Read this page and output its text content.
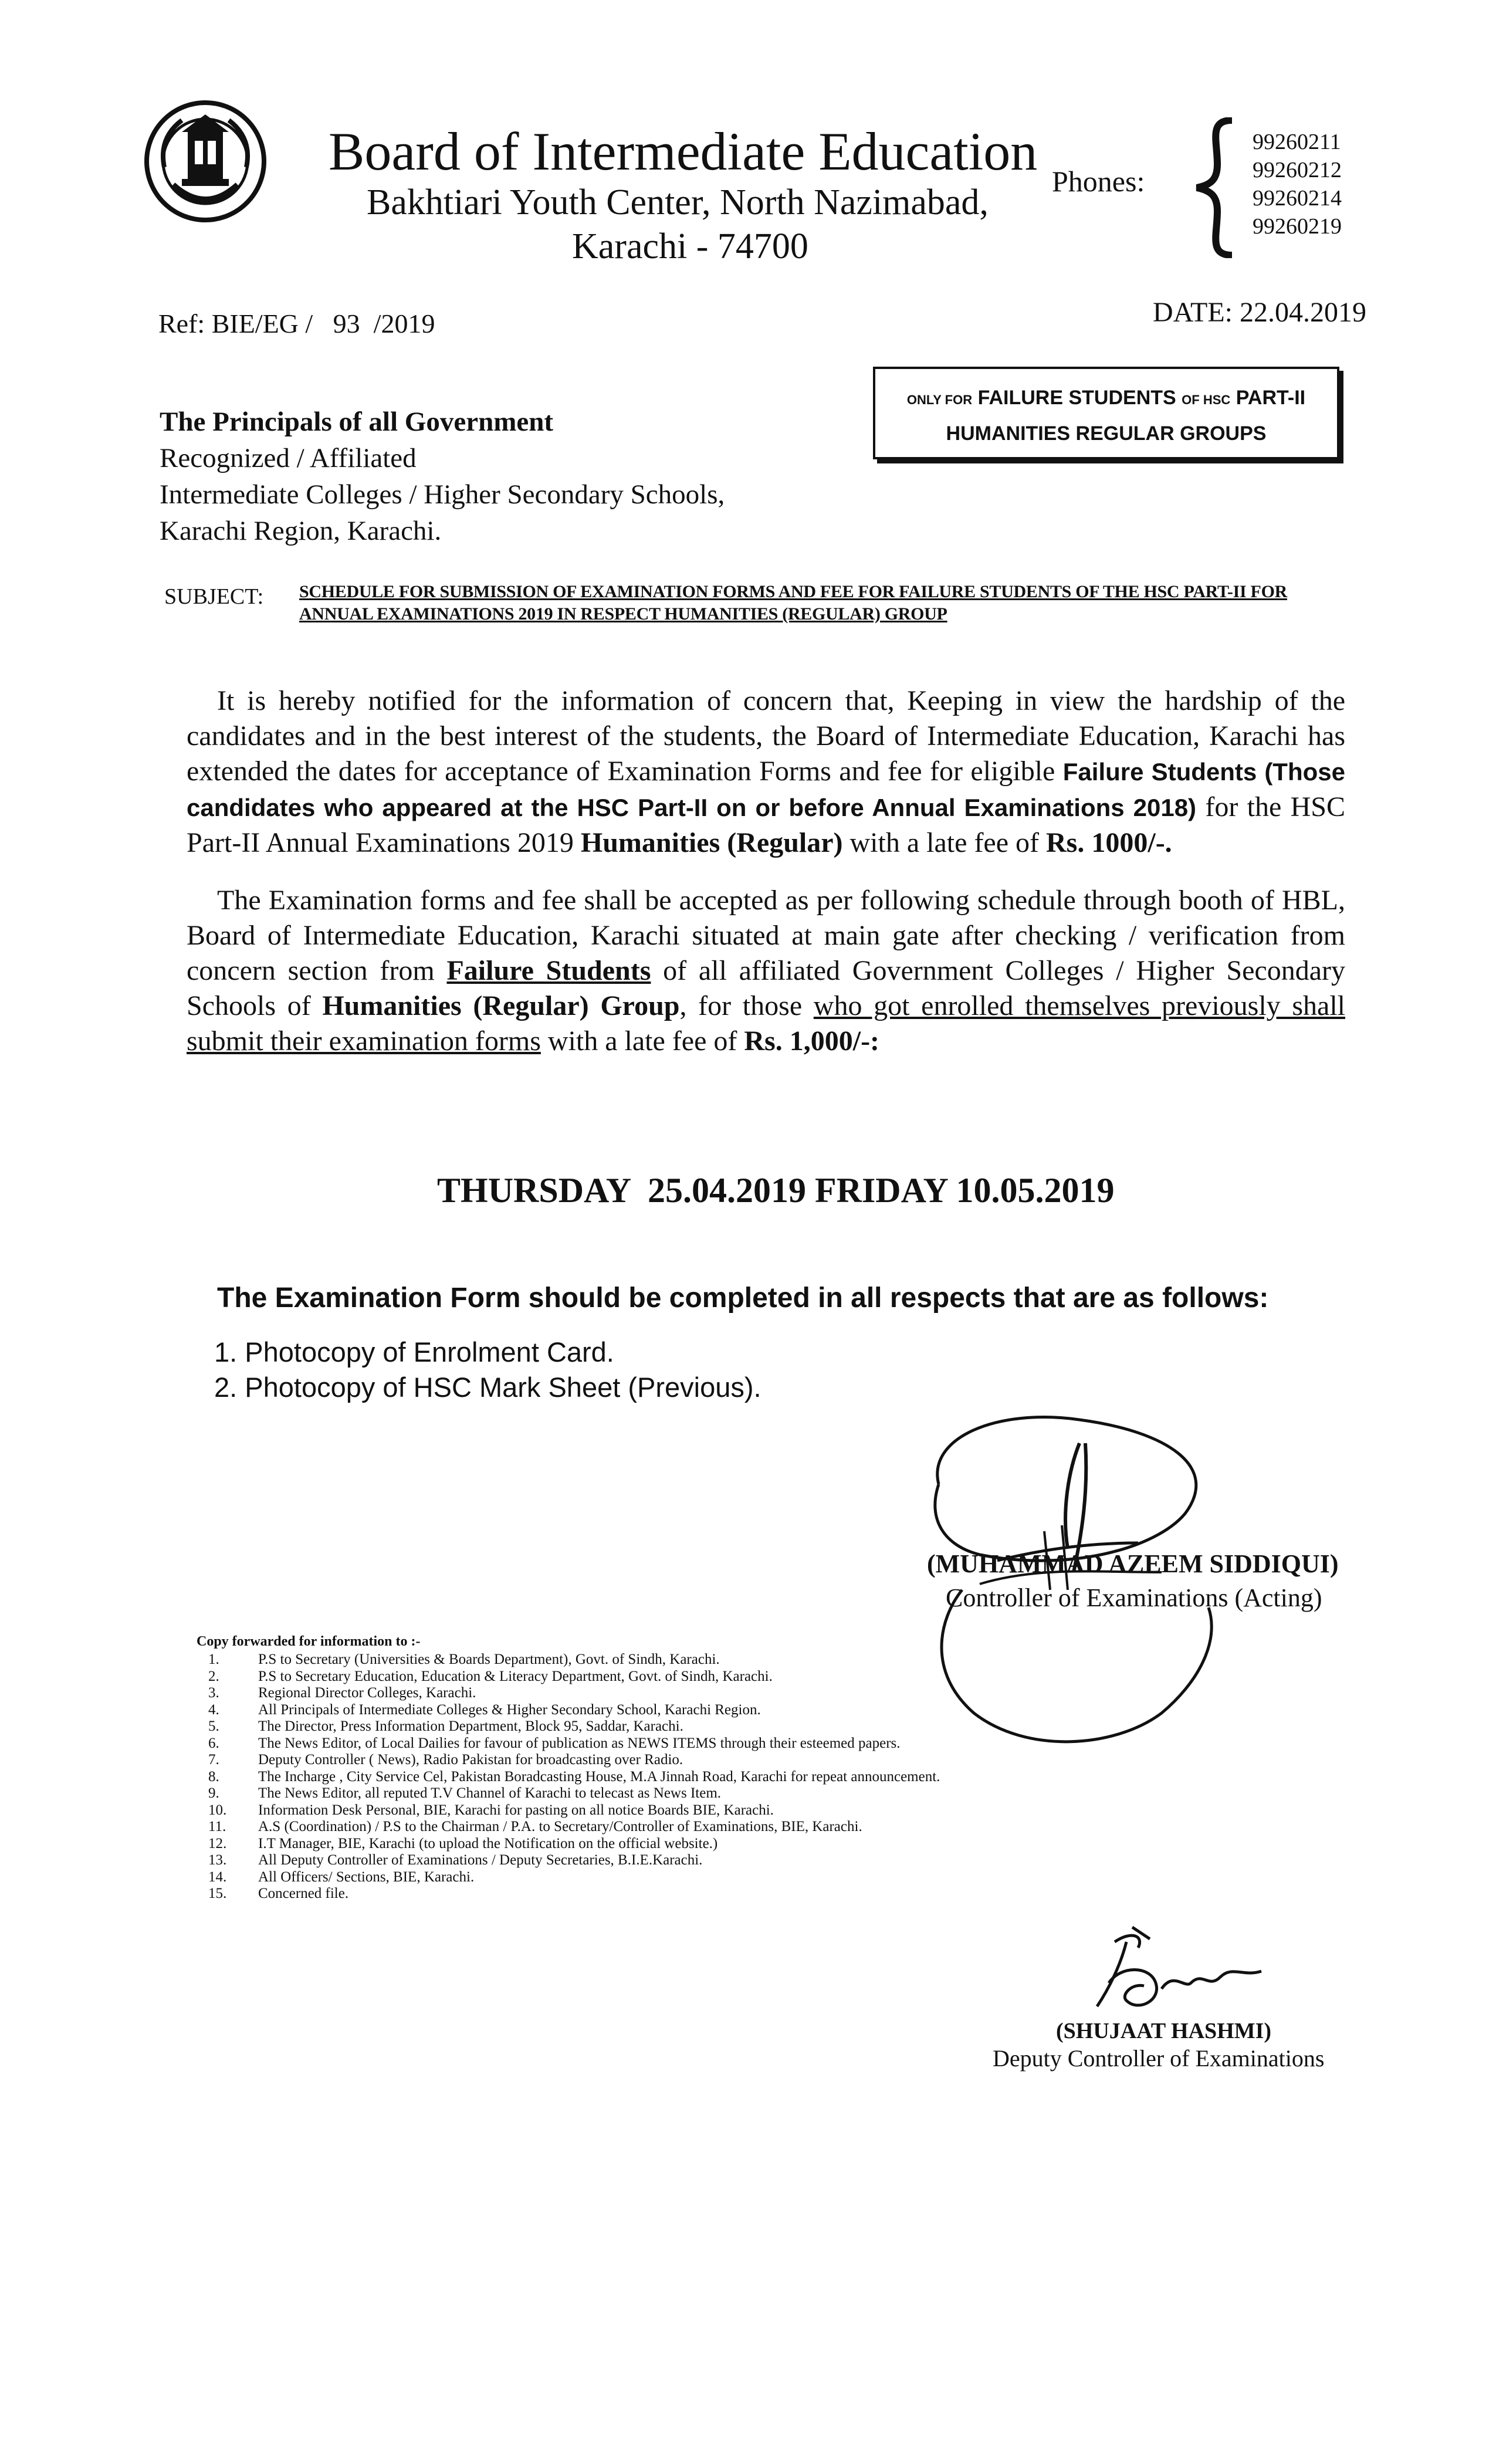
Board of Intermediate Education
Bakhtiari Youth Center, North Nazimabad,
Karachi - 74700
Phones:
99260211
99260212
99260214
99260219
Ref: BIE/EG /   93  /2019	DATE: 22.04.2019
ONLY FOR FAILURE STUDENTS OF HSC PART-II
HUMANITIES REGULAR GROUPS
The Principals of all Government
Recognized / Affiliated
Intermediate Colleges / Higher Secondary Schools,
Karachi Region, Karachi.
SUBJECT: SCHEDULE FOR SUBMISSION OF EXAMINATION FORMS AND FEE FOR FAILURE STUDENTS OF THE HSC PART-II FOR ANNUAL EXAMINATIONS 2019 IN RESPECT HUMANITIES (REGULAR) GROUP
It is hereby notified for the information of concern that, Keeping in view the hardship of the candidates and in the best interest of the students, the Board of Intermediate Education, Karachi has extended the dates for acceptance of Examination Forms and fee for eligible Failure Students (Those candidates who appeared at the HSC Part-II on or before Annual Examinations 2018) for the HSC Part-II Annual Examinations 2019 Humanities (Regular) with a late fee of Rs. 1000/-.
The Examination forms and fee shall be accepted as per following schedule through booth of HBL, Board of Intermediate Education, Karachi situated at main gate after checking / verification from concern section from Failure Students of all affiliated Government Colleges / Higher Secondary Schools of Humanities (Regular) Group, for those who got enrolled themselves previously shall submit their examination forms with a late fee of Rs. 1,000/-:
THURSDAY  25.04.2019 FRIDAY 10.05.2019
The Examination Form should be completed in all respects that are as follows:
1. Photocopy of Enrolment Card.
2. Photocopy of HSC Mark Sheet (Previous).
(MUHAMMAD AZEEM SIDDIQUI)
Controller of Examinations (Acting)
Copy forwarded for information to :-
1.	P.S to Secretary (Universities & Boards Department), Govt. of Sindh, Karachi.
2.	P.S to Secretary Education, Education & Literacy Department, Govt. of Sindh, Karachi.
3.	Regional Director Colleges, Karachi.
4.	All Principals of Intermediate Colleges & Higher Secondary School, Karachi Region.
5.	The Director, Press Information Department, Block 95, Saddar, Karachi.
6.	The News Editor, of Local Dailies for favour of publication as NEWS ITEMS through their esteemed papers.
7.	Deputy Controller ( News), Radio Pakistan for broadcasting over Radio.
8.	The Incharge , City Service Cel, Pakistan Boradcasting House, M.A Jinnah Road, Karachi for repeat announcement.
9.	The News Editor, all reputed T.V Channel of Karachi to telecast as News Item.
10. Information Desk Personal, BIE, Karachi for pasting on all notice Boards BIE, Karachi.
11. A.S (Coordination) / P.S to the Chairman / P.A. to Secretary/Controller of Examinations, BIE, Karachi.
12. I.T Manager, BIE, Karachi (to upload the Notification on the official website.)
13. All Deputy Controller of Examinations / Deputy Secretaries, B.I.E.Karachi.
14. All Officers/ Sections, BIE, Karachi.
15. Concerned file.
(SHUJAAT HASHMI)
Deputy Controller of Examinations
